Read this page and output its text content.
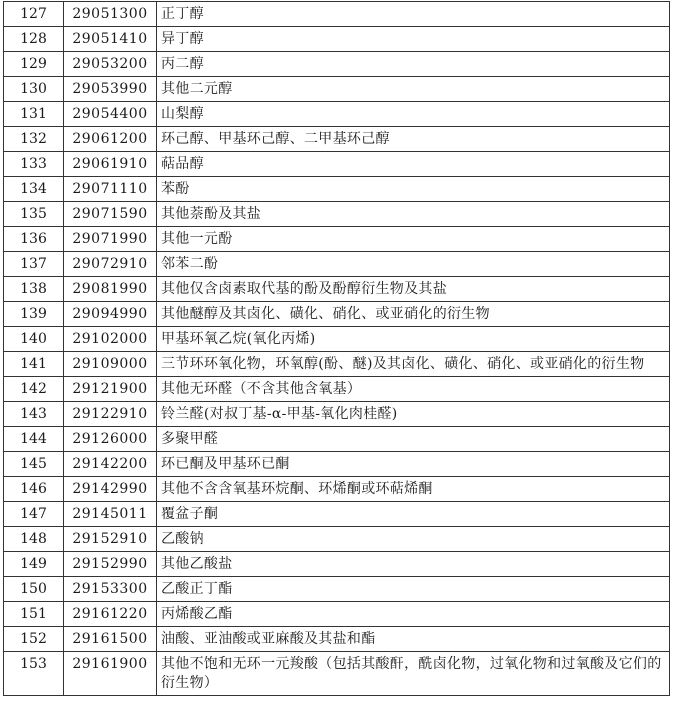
127	29051300	正丁醇
128	29051410	异丁醇
129	29053200	丙二醇
130	29053990	其他二元醇
131	29054400	山梨醇
132	29061200	环己醇、甲基环己醇、二甲基环己醇
133	29061910	萜品醇
134	29071110	苯酚
135	29071590	其他萘酚及其盐
136	29071990	其他一元酚
137	29072910	邻苯二酚
138	29081990	其他仅含卤素取代基的酚及酚醇衍生物及其盐
139	29094990	其他醚醇及其卤化、磺化、硝化、或亚硝化的衍生物
140	29102000	甲基环氧乙烷(氧化丙烯)
141	29109000	三节环环氧化物，环氧醇(酚、醚)及其卤化、磺化、硝化、或亚硝化的衍生物
142	29121900	其他无环醛（不含其他含氧基）
143	29122910	铃兰醛(对叔丁基-α-甲基-氧化肉桂醛)
144	29126000	多聚甲醛
145	29142200	环已酮及甲基环已酮
146	29142990	其他不含含氧基环烷酮、环烯酮或环萜烯酮
147	29145011	覆盆子酮
148	29152910	乙酸钠
149	29152990	其他乙酸盐
150	29153300	乙酸正丁酯
151	29161220	丙烯酸乙酯
152	29161500	油酸、亚油酸或亚麻酸及其盐和酯
153	29161900	其他不饱和无环一元羧酸（包括其酸酐，酰卤化物，过氧化物和过氧酸及它们的衍生物）
